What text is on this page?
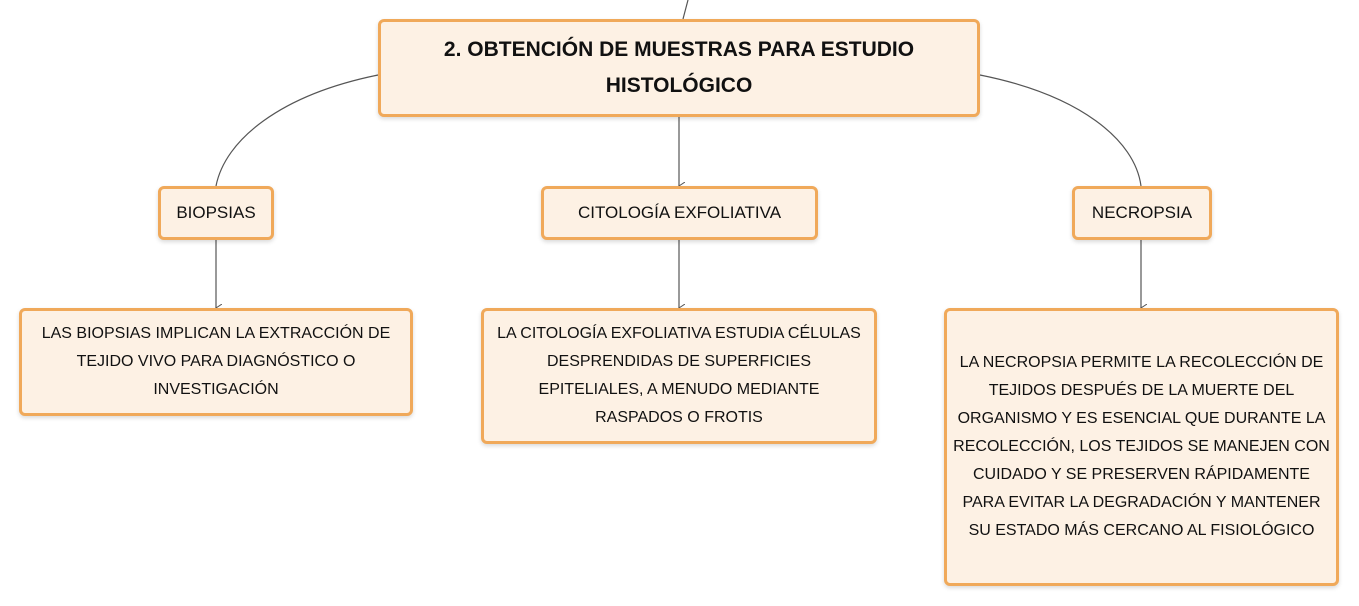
2. OBTENCIÓN DE MUESTRAS PARA ESTUDIO HISTOLÓGICO
BIOPSIAS	CITOLOGÍA EXFOLIATIVA	NECROPSIA
LAS BIOPSIAS IMPLICAN LA EXTRACCIÓN DE TEJIDO VIVO PARA DIAGNÓSTICO O INVESTIGACIÓN
LA CITOLOGÍA EXFOLIATIVA ESTUDIA CÉLULAS DESPRENDIDAS DE SUPERFICIES EPITELIALES, A MENUDO MEDIANTE RASPADOS O FROTIS
LA NECROPSIA PERMITE LA RECOLECCIÓN DE TEJIDOS DESPUÉS DE LA MUERTE DEL ORGANISMO Y ES ESENCIAL QUE DURANTE LA RECOLECCIÓN, LOS TEJIDOS SE MANEJEN CON CUIDADO Y SE PRESERVEN RÁPIDAMENTE PARA EVITAR LA DEGRADACIÓN Y MANTENER SU ESTADO MÁS CERCANO AL FISIOLÓGICO
